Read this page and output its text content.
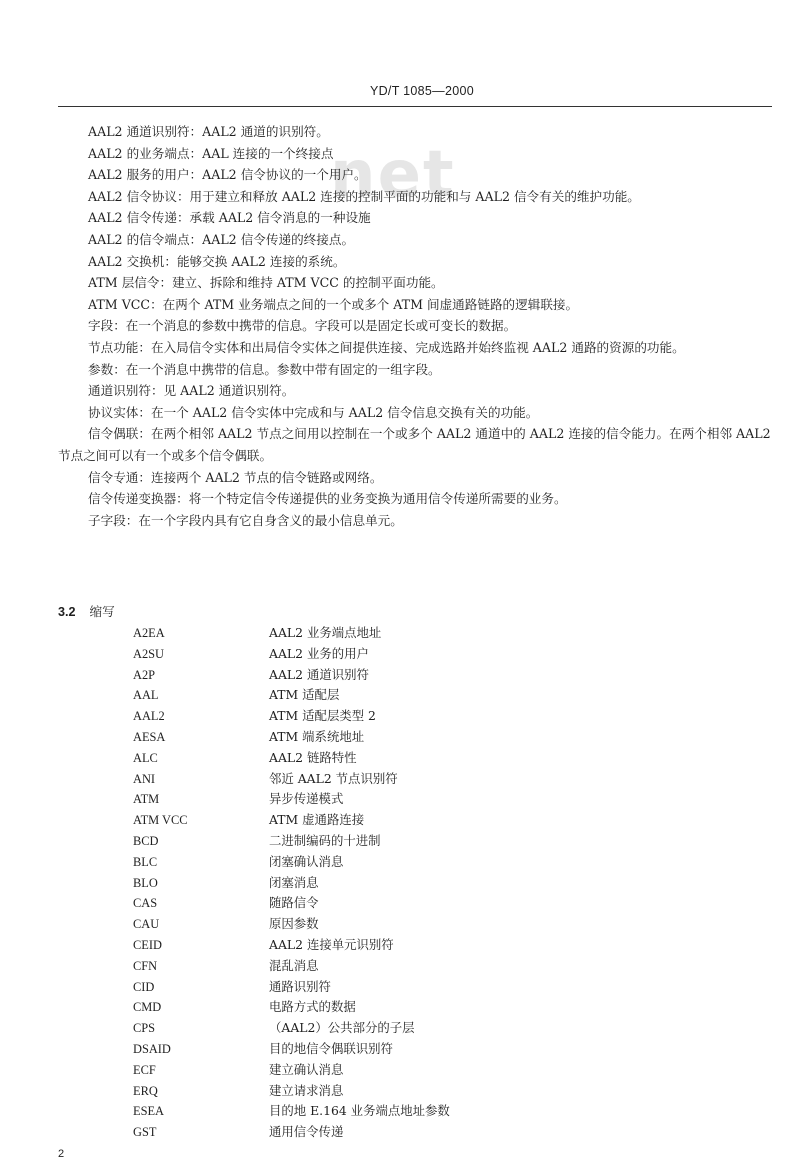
YD/T 1085—2000
net

AAL2 通道识别符：AAL2 通道的识别符。

AAL2 的业务端点：AAL 连接的一个终接点

AAL2 服务的用户：AAL2 信令协议的一个用户。

AAL2 信令协议：用于建立和释放 AAL2 连接的控制平面的功能和与 AAL2 信令有关的维护功能。

AAL2 信令传递：承载 AAL2 信令消息的一种设施

AAL2 的信令端点：AAL2 信令传递的终接点。

AAL2 交换机：能够交换 AAL2 连接的系统。

ATM 层信令：建立、拆除和维持 ATM VCC 的控制平面功能。

ATM VCC：在两个 ATM 业务端点之间的一个或多个 ATM 间虚通路链路的逻辑联接。

字段：在一个消息的参数中携带的信息。字段可以是固定长或可变长的数据。

节点功能：在入局信令实体和出局信令实体之间提供连接、完成选路并始终监视 AAL2 通路的资源的功能。

参数：在一个消息中携带的信息。参数中带有固定的一组字段。

通道识别符：见 AAL2 通道识别符。

协议实体：在一个 AAL2 信令实体中完成和与 AAL2 信令信息交换有关的功能。

信令偶联：在两个相邻 AAL2 节点之间用以控制在一个或多个 AAL2 通道中的 AAL2 连接的信令能力。在两个相邻 AAL2 节点之间可以有一个或多个信令偶联。

信令专通：连接两个 AAL2 节点的信令链路或网络。

信令传递变换器：将一个特定信令传递提供的业务变换为通用信令传递所需要的业务。

子字段：在一个字段内具有它自身含义的最小信息单元。

3.2 缩写
A2EA	AAL2 业务端点地址
A2SU	AAL2 业务的用户
A2P	AAL2 通道识别符
AAL	ATM 适配层
AAL2	ATM 适配层类型 2
AESA	ATM 端系统地址
ALC	AAL2 链路特性
ANI	邻近 AAL2 节点识别符
ATM	异步传递模式
ATM VCC	ATM 虚通路连接
BCD	二进制编码的十进制
BLC	闭塞确认消息
BLO	闭塞消息
CAS	随路信令
CAU	原因参数
CEID	AAL2 连接单元识别符
CFN	混乱消息
CID	通路识别符
CMD	电路方式的数据
CPS	（AAL2）公共部分的子层
DSAID	目的地信令偶联识别符
ECF	建立确认消息
ERQ	建立请求消息
ESEA	目的地 E.164 业务端点地址参数
GST	通用信令传递
2
